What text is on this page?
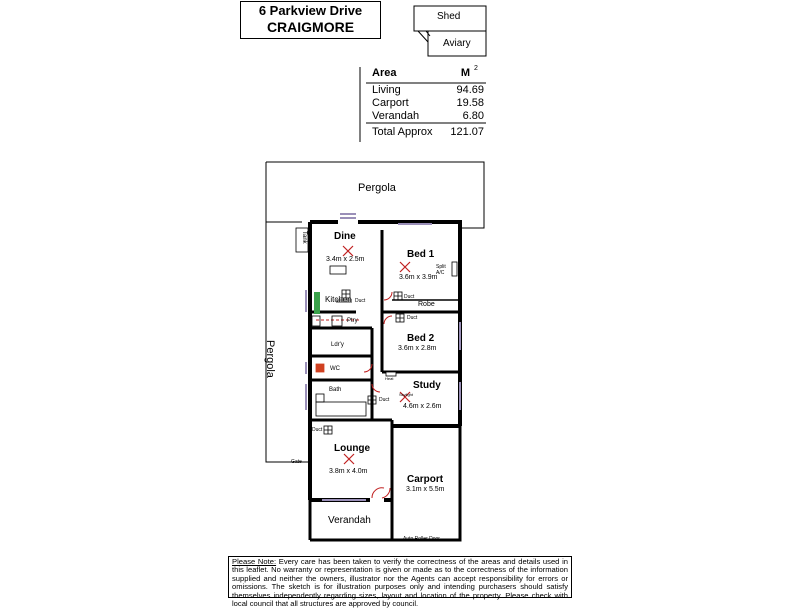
6 Parkview Drive
CRAIGMORE
Area	M 2
Living	94.69
Carport	19.58
Verandah	6.80
Total Approx 121.07
Shed
Aviary
Pergola
Pergola
Tank	Dine
3.4m x 2.5m
Kitchen Duct
Ptry
Ldr'y
WC
Bath
Duct
Bed 1
3.6m x 3.9m
Split A/C
Duct
Robe
Duct
Bed 2
3.6m x 2.8m
Heat
Study
Skylight
4.6m x 2.6m
Duct
Lounge
3.8m x 4.0m
Carport
3.1m x 5.5m
Auto Roller Door
Verandah
Gate
Please Note: Every care has been taken to verify the correctness of the areas and details used in this leaflet. No warranty or representation is given or made as to the correctness of the information supplied and neither the owners, illustrator nor the Agents can accept responsibility for errors or omissions. The sketch is for illustration purposes only and intending purchasers should satisfy themselves independently regarding sizes, layout and location of the property. Please check with local council that all structures are approved by council.
